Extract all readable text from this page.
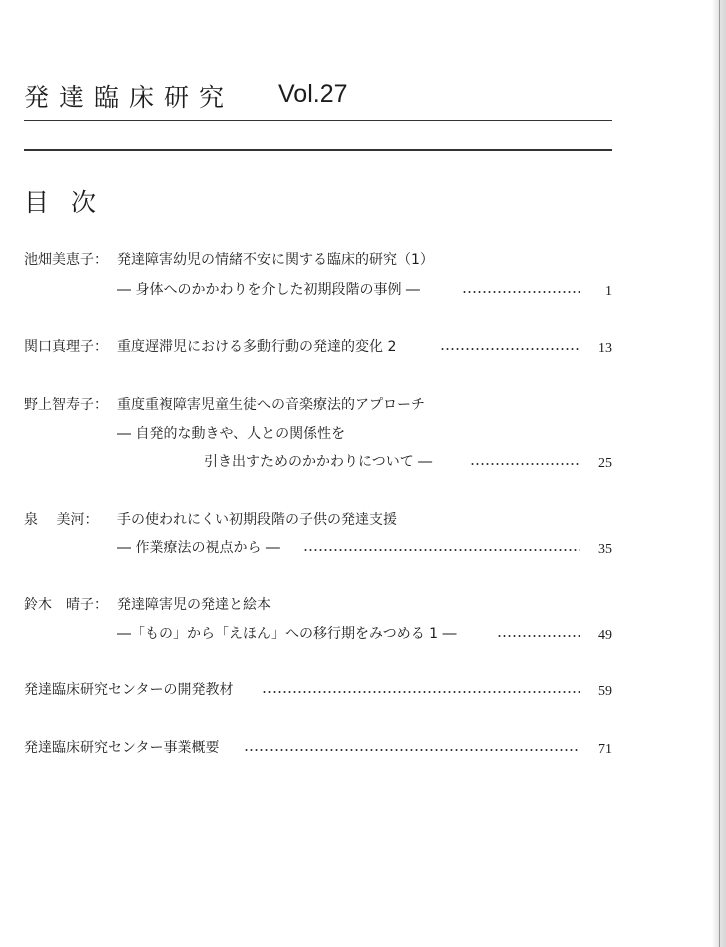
発達臨床研究 Vol.27
目次
池畑美恵子： 発達障害幼児の情緒不安に関する臨床的研究（1）
― 身体へのかかわりを介した初期段階の事例 ―	1
関口真理子： 重度遅滞児における多動行動の発達的変化 2	13
野上智寿子： 重度重複障害児童生徒への音楽療法的アプローチ
― 自発的な動きや、人との関係性を
引き出すためのかかわりについて ―	25
泉　 美河： 手の使われにくい初期段階の子供の発達支援
― 作業療法の視点から ―	35
鈴木　晴子： 発達障害児の発達と絵本
―「もの」から「えほん」への移行期をみつめる 1 ―	49
発達臨床研究センターの開発教材	59
発達臨床研究センター事業概要	71
